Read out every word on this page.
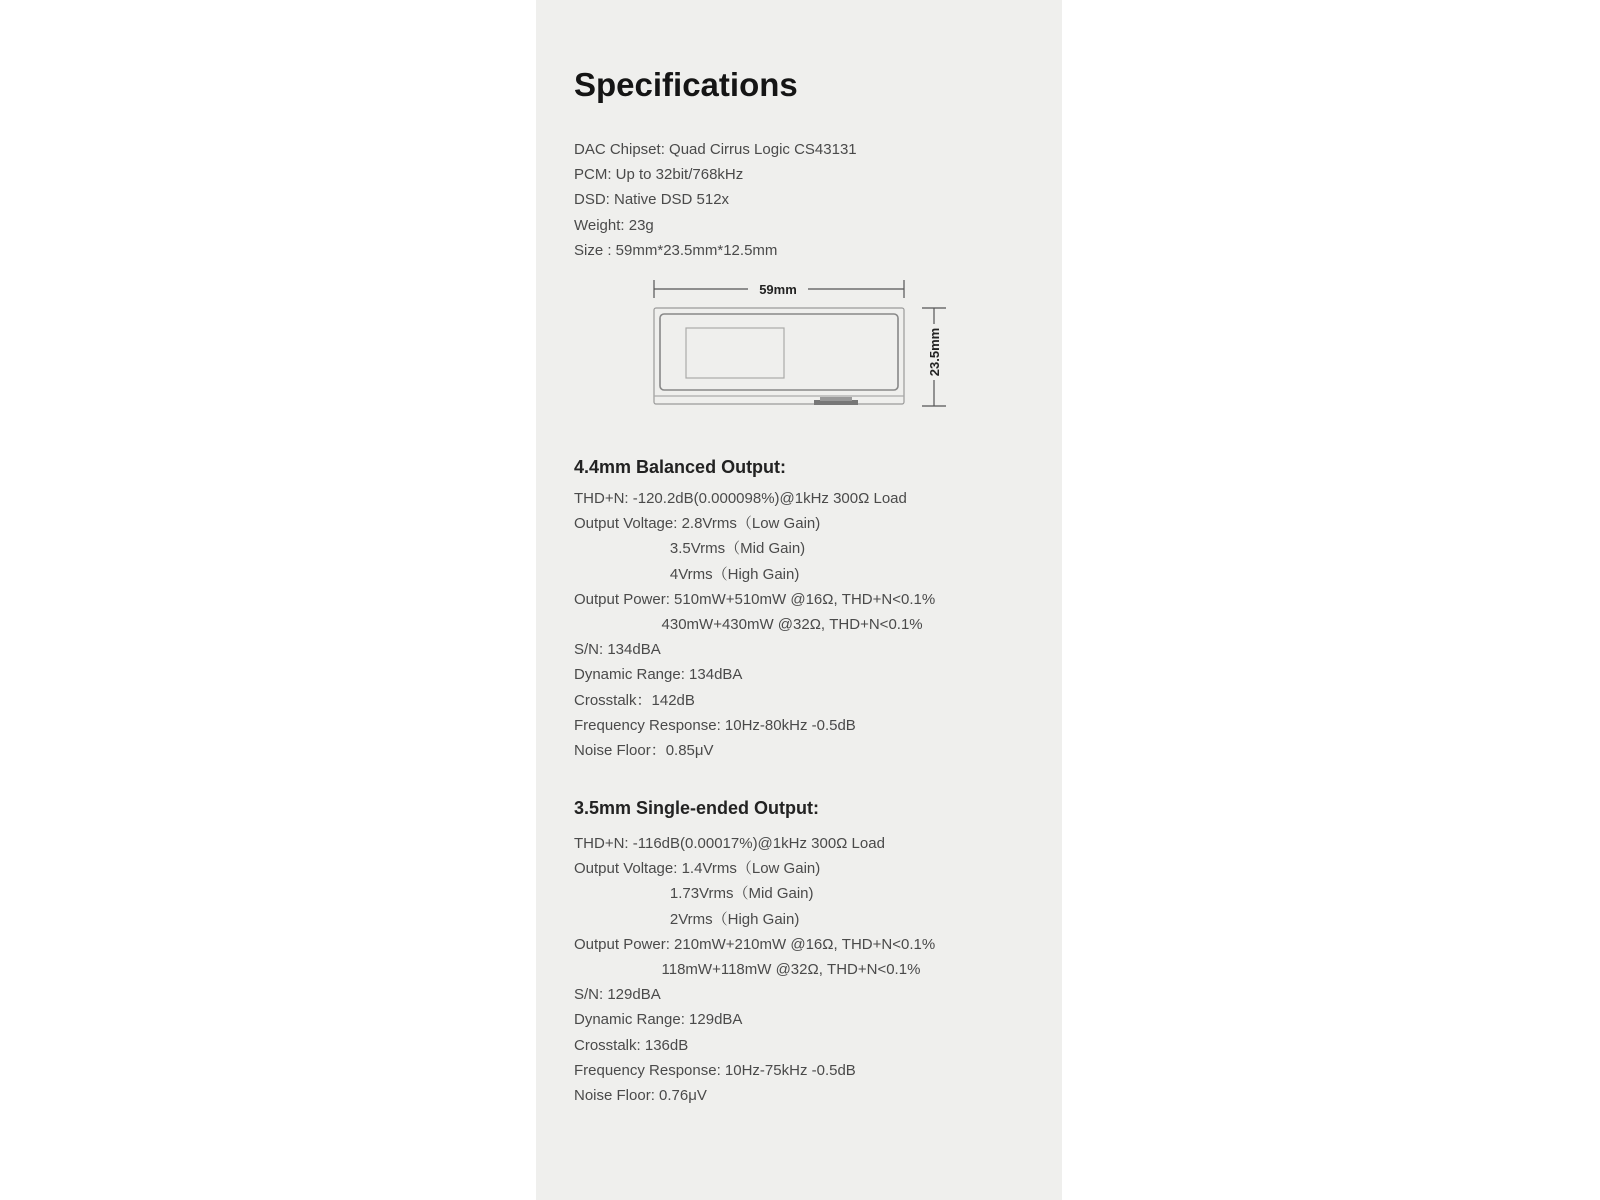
Specifications
DAC Chipset: Quad Cirrus Logic CS43131
PCM: Up to 32bit/768kHz
DSD: Native DSD 512x
Weight: 23g
Size : 59mm*23.5mm*12.5mm
59mm
23.5mm
4.4mm Balanced Output:
THD+N: -120.2dB(0.000098%)@1kHz 300Ω Load
Output Voltage: 2.8Vrms（Low Gain)
3.5Vrms（Mid Gain)
4Vrms（High Gain)
Output Power: 510mW+510mW @16Ω, THD+N<0.1%
430mW+430mW @32Ω, THD+N<0.1%
S/N: 134dBA
Dynamic Range: 134dBA
Crosstalk：142dB
Frequency Response: 10Hz-80kHz -0.5dB
Noise Floor：0.85μV
3.5mm Single-ended Output:
THD+N: -116dB(0.00017%)@1kHz 300Ω Load
Output Voltage: 1.4Vrms（Low Gain)
1.73Vrms（Mid Gain)
2Vrms（High Gain)
Output Power: 210mW+210mW @16Ω, THD+N<0.1%
118mW+118mW @32Ω, THD+N<0.1%
S/N: 129dBA
Dynamic Range: 129dBA
Crosstalk: 136dB
Frequency Response: 10Hz-75kHz -0.5dB
Noise Floor: 0.76μV
